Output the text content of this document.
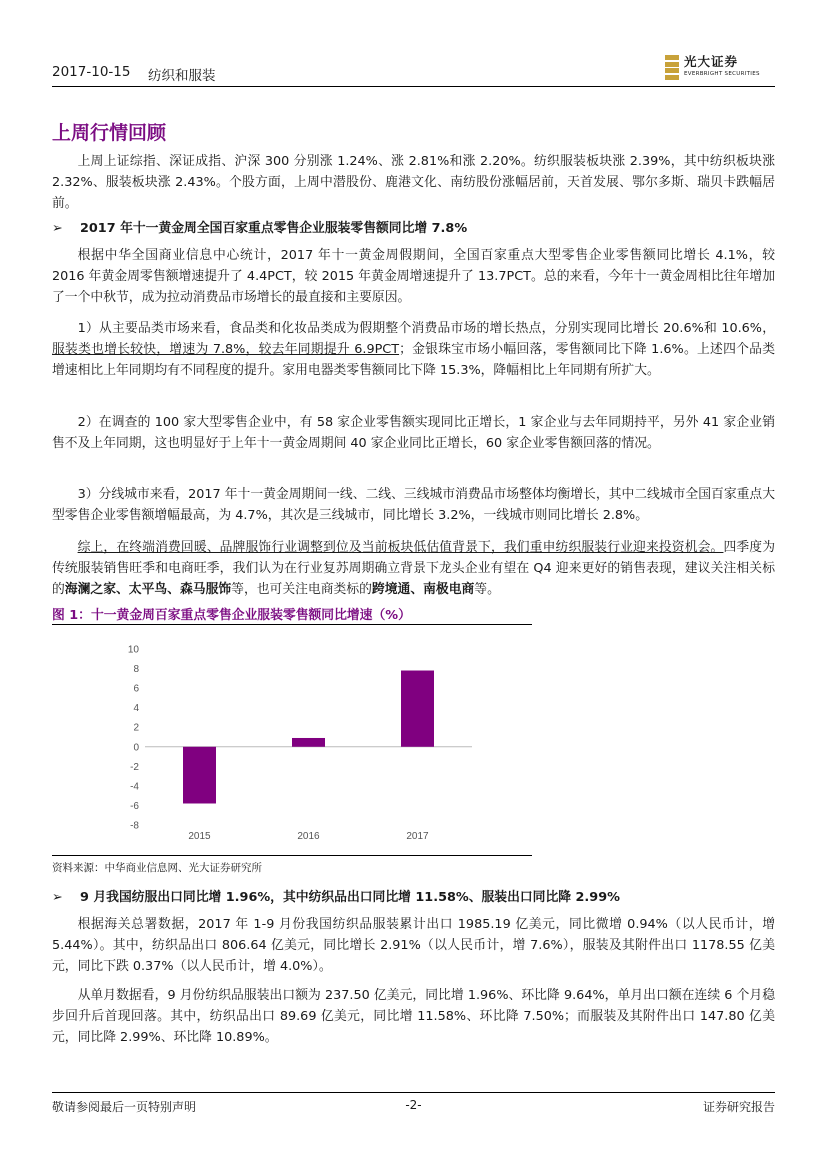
2017-10-15 纺织和服装
光大证券
EVERBRIGHT SECURITIES
上周行情回顾

上周上证综指、深证成指、沪深 300 分别涨 1.24%、涨 2.81%和涨 2.20%。纺织服装板块涨 2.39%，其中纺织板块涨 2.32%、服装板块涨 2.43%。个股方面，上周中潜股份、鹿港文化、南纺股份涨幅居前，天首发展、鄂尔多斯、瑞贝卡跌幅居前。

➢ 2017 年十一黄金周全国百家重点零售企业服装零售额同比增 7.8%

根据中华全国商业信息中心统计，2017 年十一黄金周假期间，全国百家重点大型零售企业零售额同比增长 4.1%，较 2016 年黄金周零售额增速提升了 4.4PCT，较 2015 年黄金周增速提升了 13.7PCT。总的来看，今年十一黄金周相比往年增加了一个中秋节，成为拉动消费品市场增长的最直接和主要原因。

1）从主要品类市场来看，食品类和化妆品类成为假期整个消费品市场的增长热点，分别实现同比增长 20.6%和 10.6%，服装类也增长较快，增速为 7.8%，较去年同期提升 6.9PCT；金银珠宝市场小幅回落，零售额同比下降 1.6%。上述四个品类增速相比上年同期均有不同程度的提升。家用电器类零售额同比下降 15.3%，降幅相比上年同期有所扩大。

2）在调查的 100 家大型零售企业中，有 58 家企业零售额实现同比正增长，1 家企业与去年同期持平，另外 41 家企业销售不及上年同期，这也明显好于上年十一黄金周期间 40 家企业同比正增长，60 家企业零售额回落的情况。

3）分线城市来看，2017 年十一黄金周期间一线、二线、三线城市消费品市场整体均衡增长，其中二线城市全国百家重点大型零售企业零售额增幅最高，为 4.7%，其次是三线城市，同比增长 3.2%，一线城市则同比增长 2.8%。

综上，在终端消费回暖、品牌服饰行业调整到位及当前板块低估值背景下，我们重申纺织服装行业迎来投资机会。四季度为传统服装销售旺季和电商旺季，我们认为在行业复苏周期确立背景下龙头企业有望在 Q4 迎来更好的销售表现，建议关注相关标的海澜之家、太平鸟、森马服饰等，也可关注电商类标的跨境通、南极电商等。

图 1：十一黄金周百家重点零售企业服装零售额同比增速（%）
10
8
6
4
2
0
-2
-4
-6
-8
2015	2016	2017
资料来源：中华商业信息网、光大证券研究所
➢ 9 月我国纺服出口同比增 1.96%，其中纺织品出口同比增 11.58%、服装出口同比降 2.99%

根据海关总署数据，2017 年 1-9 月份我国纺织品服装累计出口 1985.19 亿美元，同比微增 0.94%（以人民币计，增 5.44%）。其中，纺织品出口 806.64 亿美元，同比增长 2.91%（以人民币计，增 7.6%），服装及其附件出口 1178.55 亿美元，同比下跌 0.37%（以人民币计，增 4.0%）。

从单月数据看，9 月份纺织品服装出口额为 237.50 亿美元，同比增 1.96%、环比降 9.64%，单月出口额在连续 6 个月稳步回升后首现回落。其中，纺织品出口 89.69 亿美元，同比增 11.58%、环比降 7.50%；而服装及其附件出口 147.80 亿美元，同比降 2.99%、环比降 10.89%。

敬请参阅最后一页特别声明	-2-	证券研究报告
